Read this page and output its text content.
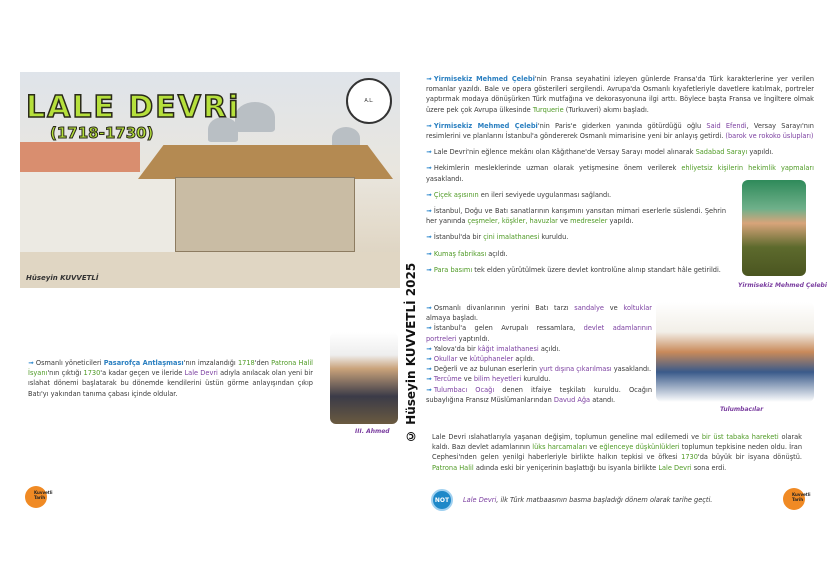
LALE DEVRi
(1718-1730)
A.L.
Hüseyin KUVVETLİ
➟ Osmanlı yöneticileri Pasarofça Antlaşması'nın imzalandığı 1718'den Patrona Halil İsyanı'nın çıktığı 1730'a kadar geçen ve ileride Lale Devri adıyla anılacak olan yeni bir ıslahat dönemi başlatarak bu dönemde kendilerini üstün görme anlayışından çıkıp Batı'yı yakından tanıma çabası içinde oldular.
III. Ahmed
Kuvvetli Tarih
© Hüseyin KUVVETLİ 2025
➟ Yirmisekiz Mehmed Çelebi'nin Fransa seyahatini izleyen günlerde Fransa'da Türk karakterlerine yer verilen romanlar yazıldı. Bale ve opera gösterileri sergilendi. Avrupa'da Osmanlı kıyafetleriyle davetlere katılmak, portreler yaptırmak modaya dönüşürken Türk mutfağına ve dekorasyonuna ilgi arttı. Böylece başta Fransa ve İngiltere olmak üzere pek çok Avrupa ülkesinde Turquerie (Turkuveri) akımı başladı.
➟ Yirmisekiz Mehmed Çelebi'nin Paris'e giderken yanında götürdüğü oğlu Said Efendi, Versay Sarayı'nın resimlerini ve planlarını İstanbul'a göndererek Osmanlı mimarisine yeni bir anlayış getirdi. (barok ve rokoko üslupları)
➟ Lale Devri'nin eğlence mekânı olan Kâğıthane'de Versay Sarayı model alınarak Sadabad Sarayı yapıldı.
➟ Hekimlerin mesleklerinde uzman olarak yetişmesine önem verilerek ehliyetsiz kişilerin hekimlik yapmaları yasaklandı.
➟ Çiçek aşısının en ileri seviyede uygulanması sağlandı.
➟ İstanbul, Doğu ve Batı sanatlarının karışımını yansıtan mimari eserlerle süslendi. Şehrin her yanında çeşmeler, köşkler, havuzlar ve medreseler yapıldı.
➟ İstanbul'da bir çini imalathanesi kuruldu.
➟ Kumaş fabrikası açıldı.
➟ Para basımı tek elden yürütülmek üzere devlet kontrolüne alınıp standart hâle getirildi.
Yirmisekiz Mehmed Çelebi
➟ Osmanlı divanlarının yerini Batı tarzı sandalye ve koltuklar almaya başladı.
➟ İstanbul'a gelen Avrupalı ressamlara, devlet adamlarının portreleri yaptırıldı.
➟ Yalova'da bir kâğıt imalathanesi açıldı.
➟ Okullar ve kütüphaneler açıldı.
➟ Değerli ve az bulunan eserlerin yurt dışına çıkarılması yasaklandı.
➟ Tercüme ve bilim heyetleri kuruldu.
➟ Tulumbacı Ocağı denen itfaiye teşkilatı kuruldu. Ocağın subaylığına Fransız Müslümanlarından Davud Ağa atandı.
Tulumbacılar
Lale Devri ıslahatlarıyla yaşanan değişim, toplumun geneline mal edilemedi ve bir üst tabaka hareketi olarak kaldı. Bazı devlet adamlarının lüks harcamaları ve eğlenceye düşkünlükleri toplumun tepkisine neden oldu. İran Cephesi'nden gelen yenilgi haberleriyle birlikte halkın tepkisi ve öfkesi 1730'da büyük bir isyana dönüştü. Patrona Halil adında eski bir yeniçerinin başlattığı bu isyanla birlikte Lale Devri sona erdi.
NOT	Lale Devri, ilk Türk matbaasının basma başladığı dönem olarak tarihe geçti.
Kuvvetli Tarih
